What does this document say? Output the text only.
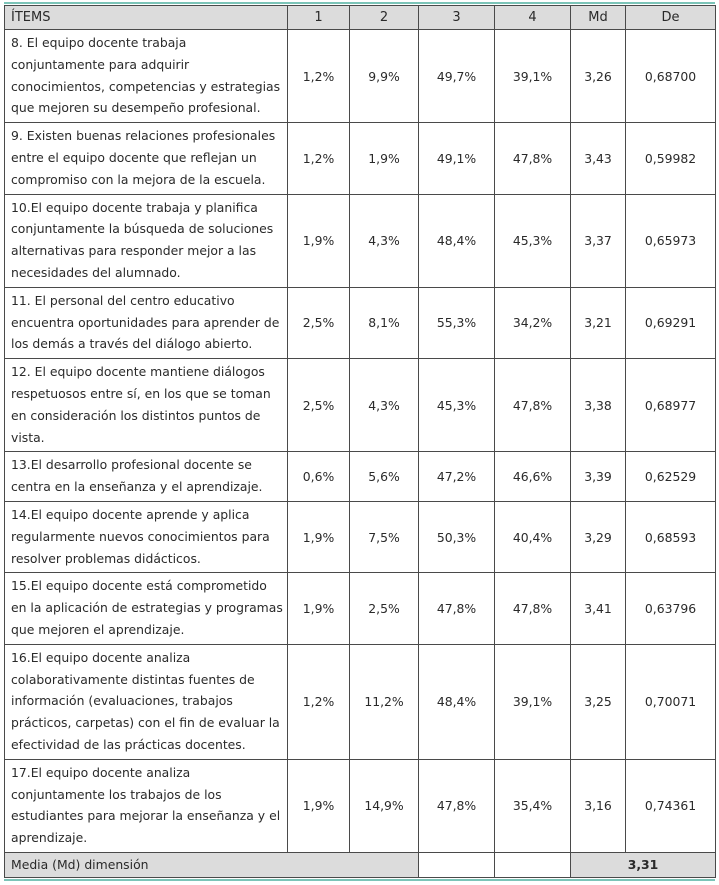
ÍTEMS	1	2	3	4	Md	De
8. El equipo docente trabaja conjuntamente para adquirir conocimientos, competencias y estrategias que mejoren su desempeño profesional.	1,2%	9,9%	49,7%	39,1%	3,26	0,68700
9. Existen buenas relaciones profesionales entre el equipo docente que reflejan un compromiso con la mejora de la escuela.	1,2%	1,9%	49,1%	47,8%	3,43	0,59982
10.El equipo docente trabaja y planifica conjuntamente la búsqueda de soluciones alternativas para responder mejor a las necesidades del alumnado.	1,9%	4,3%	48,4%	45,3%	3,37	0,65973
11. El personal del centro educativo encuentra oportunidades para aprender de los demás a través del diálogo abierto.	2,5%	8,1%	55,3%	34,2%	3,21	0,69291
12. El equipo docente mantiene diálogos respetuosos entre sí, en los que se toman en consideración los distintos puntos de vista.	2,5%	4,3%	45,3%	47,8%	3,38	0,68977
13.El desarrollo profesional docente se centra en la enseñanza y el aprendizaje.	0,6%	5,6%	47,2%	46,6%	3,39	0,62529
14.El equipo docente aprende y aplica regularmente nuevos conocimientos para resolver problemas didácticos.	1,9%	7,5%	50,3%	40,4%	3,29	0,68593
15.El equipo docente está comprometido en la aplicación de estrategias y programas que mejoren el aprendizaje.	1,9%	2,5%	47,8%	47,8%	3,41	0,63796
16.El equipo docente analiza colaborativamente distintas fuentes de información (evaluaciones, trabajos prácticos, carpetas) con el fin de evaluar la efectividad de las prácticas docentes.	1,2%	11,2%	48,4%	39,1%	3,25	0,70071
17.El equipo docente analiza conjuntamente los trabajos de los estudiantes para mejorar la enseñanza y el aprendizaje.	1,9%	14,9%	47,8%	35,4%	3,16	0,74361
Media (Md) dimensión					3,31	
